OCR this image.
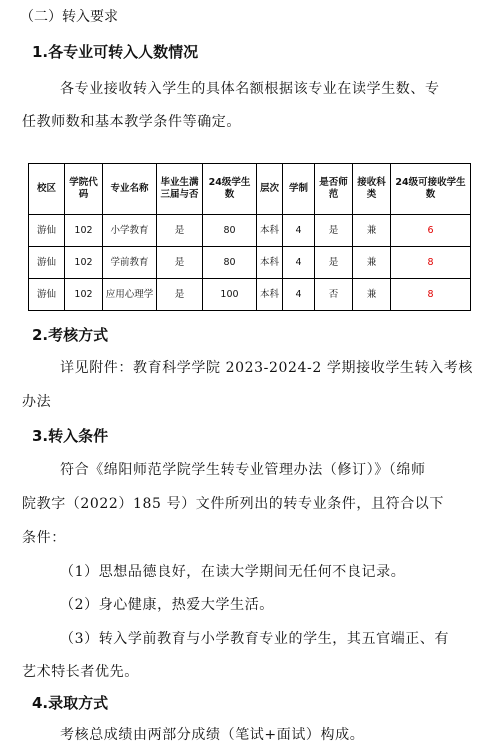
（二）转入要求
1.各专业可转入人数情况
各专业接收转入学生的具体名额根据该专业在读学生数、专
任教师数和基本教学条件等确定。
校区	学院代码	专业名称	毕业生满三届与否	24级学生数	层次	学制	是否师范	接收科类	24级可接收学生数
游仙	102	小学教育	是	80	本科	4	是	兼	6
游仙	102	学前教育	是	80	本科	4	是	兼	8
游仙	102	应用心理学	是	100	本科	4	否	兼	8
2.考核方式
详见附件：教育科学学院 2023-2024-2 学期接收学生转入考核
办法
3.转入条件
符合《绵阳师范学院学生转专业管理办法（修订）》（绵师
院教字（2022）185 号）文件所列出的转专业条件，且符合以下
条件：
（1）思想品德良好，在读大学期间无任何不良记录。
（2）身心健康，热爱大学生活。
（3）转入学前教育与小学教育专业的学生，其五官端正、有
艺术特长者优先。
4.录取方式
考核总成绩由两部分成绩（笔试+面试）构成。
